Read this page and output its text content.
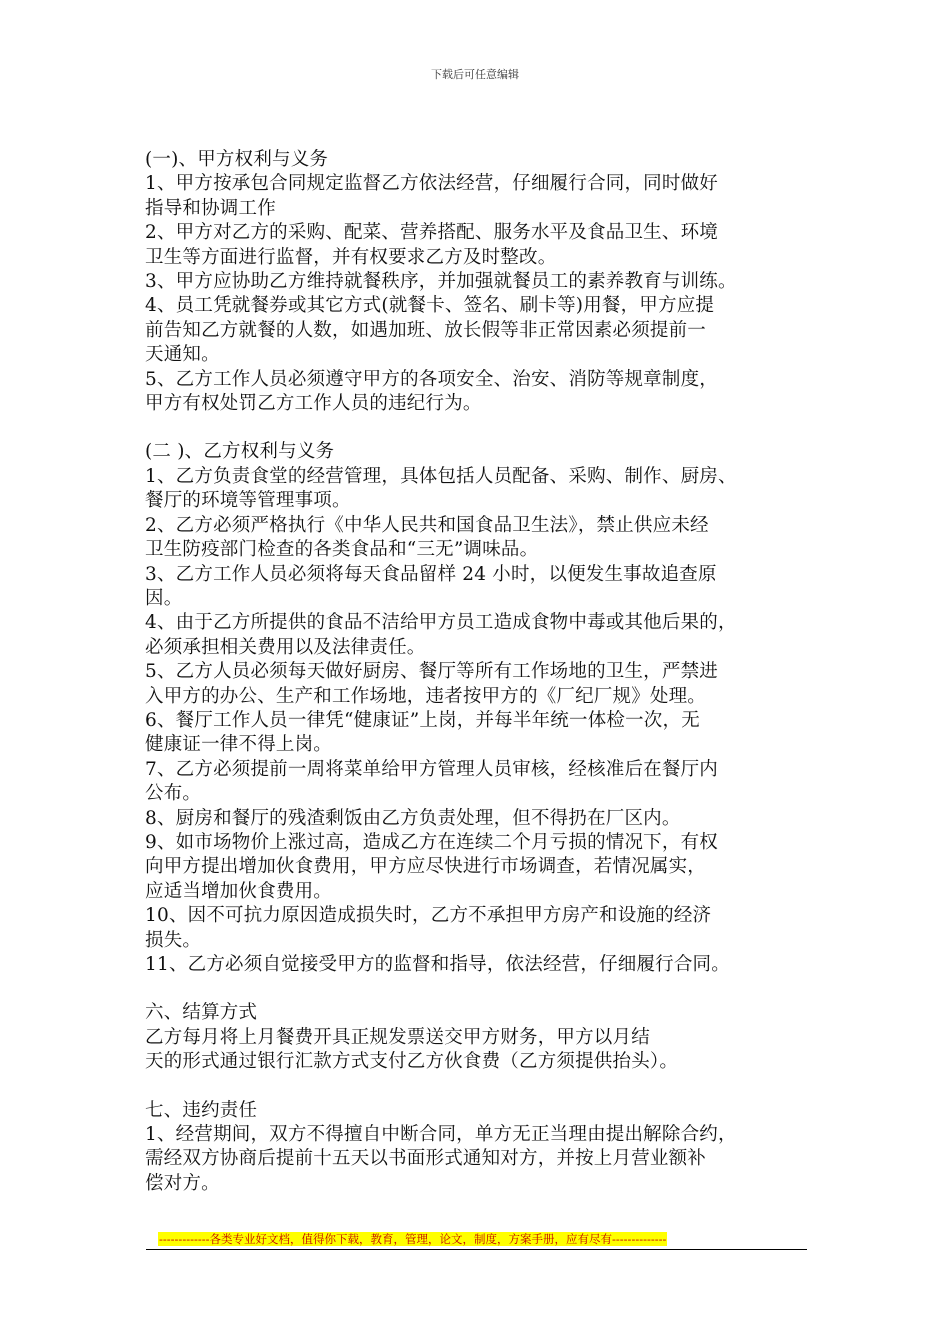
下载后可任意编辑
(一)、甲方权利与义务
1、甲方按承包合同规定监督乙方依法经营，仔细履行合同，同时做好
指导和协调工作
2、甲方对乙方的采购、配菜、营养搭配、服务水平及食品卫生、环境
卫生等方面进行监督，并有权要求乙方及时整改。
3、甲方应协助乙方维持就餐秩序，并加强就餐员工的素养教育与训练。
4、员工凭就餐券或其它方式(就餐卡、签名、刷卡等)用餐，甲方应提
前告知乙方就餐的人数，如遇加班、放长假等非正常因素必须提前一
天通知。
5、乙方工作人员必须遵守甲方的各项安全、治安、消防等规章制度，
甲方有权处罚乙方工作人员的违纪行为。
(二 )、乙方权利与义务
1、乙方负责食堂的经营管理，具体包括人员配备、采购、制作、厨房、
餐厅的环境等管理事项。
2、乙方必须严格执行《中华人民共和国食品卫生法》，禁止供应未经
卫生防疫部门检查的各类食品和“三无”调味品。
3、乙方工作人员必须将每天食品留样 24 小时，以便发生事故追查原
因。
4、由于乙方所提供的食品不洁给甲方员工造成食物中毒或其他后果的，
必须承担相关费用以及法律责任。
5、乙方人员必须每天做好厨房、餐厅等所有工作场地的卫生，严禁进
入甲方的办公、生产和工作场地，违者按甲方的《厂纪厂规》处理。
6、餐厅工作人员一律凭“健康证”上岗，并每半年统一体检一次，无
健康证一律不得上岗。
7、乙方必须提前一周将菜单给甲方管理人员审核，经核准后在餐厅内
公布。
8、厨房和餐厅的残渣剩饭由乙方负责处理，但不得扔在厂区内。
9、如市场物价上涨过高，造成乙方在连续二个月亏损的情况下，有权
向甲方提出增加伙食费用，甲方应尽快进行市场调查，若情况属实，
应适当增加伙食费用。
10、因不可抗力原因造成损失时，乙方不承担甲方房产和设施的经济
损失。
11、乙方必须自觉接受甲方的监督和指导，依法经营，仔细履行合同。
六、结算方式
乙方每月将上月餐费开具正规发票送交甲方财务，甲方以月结
天的形式通过银行汇款方式支付乙方伙食费（乙方须提供抬头）。
七、违约责任
1、经营期间，双方不得擅自中断合同，单方无正当理由提出解除合约，
需经双方协商后提前十五天以书面形式通知对方，并按上月营业额补
偿对方。
-------------各类专业好文档，值得你下载，教育，管理，论文，制度，方案手册，应有尽有--------------
